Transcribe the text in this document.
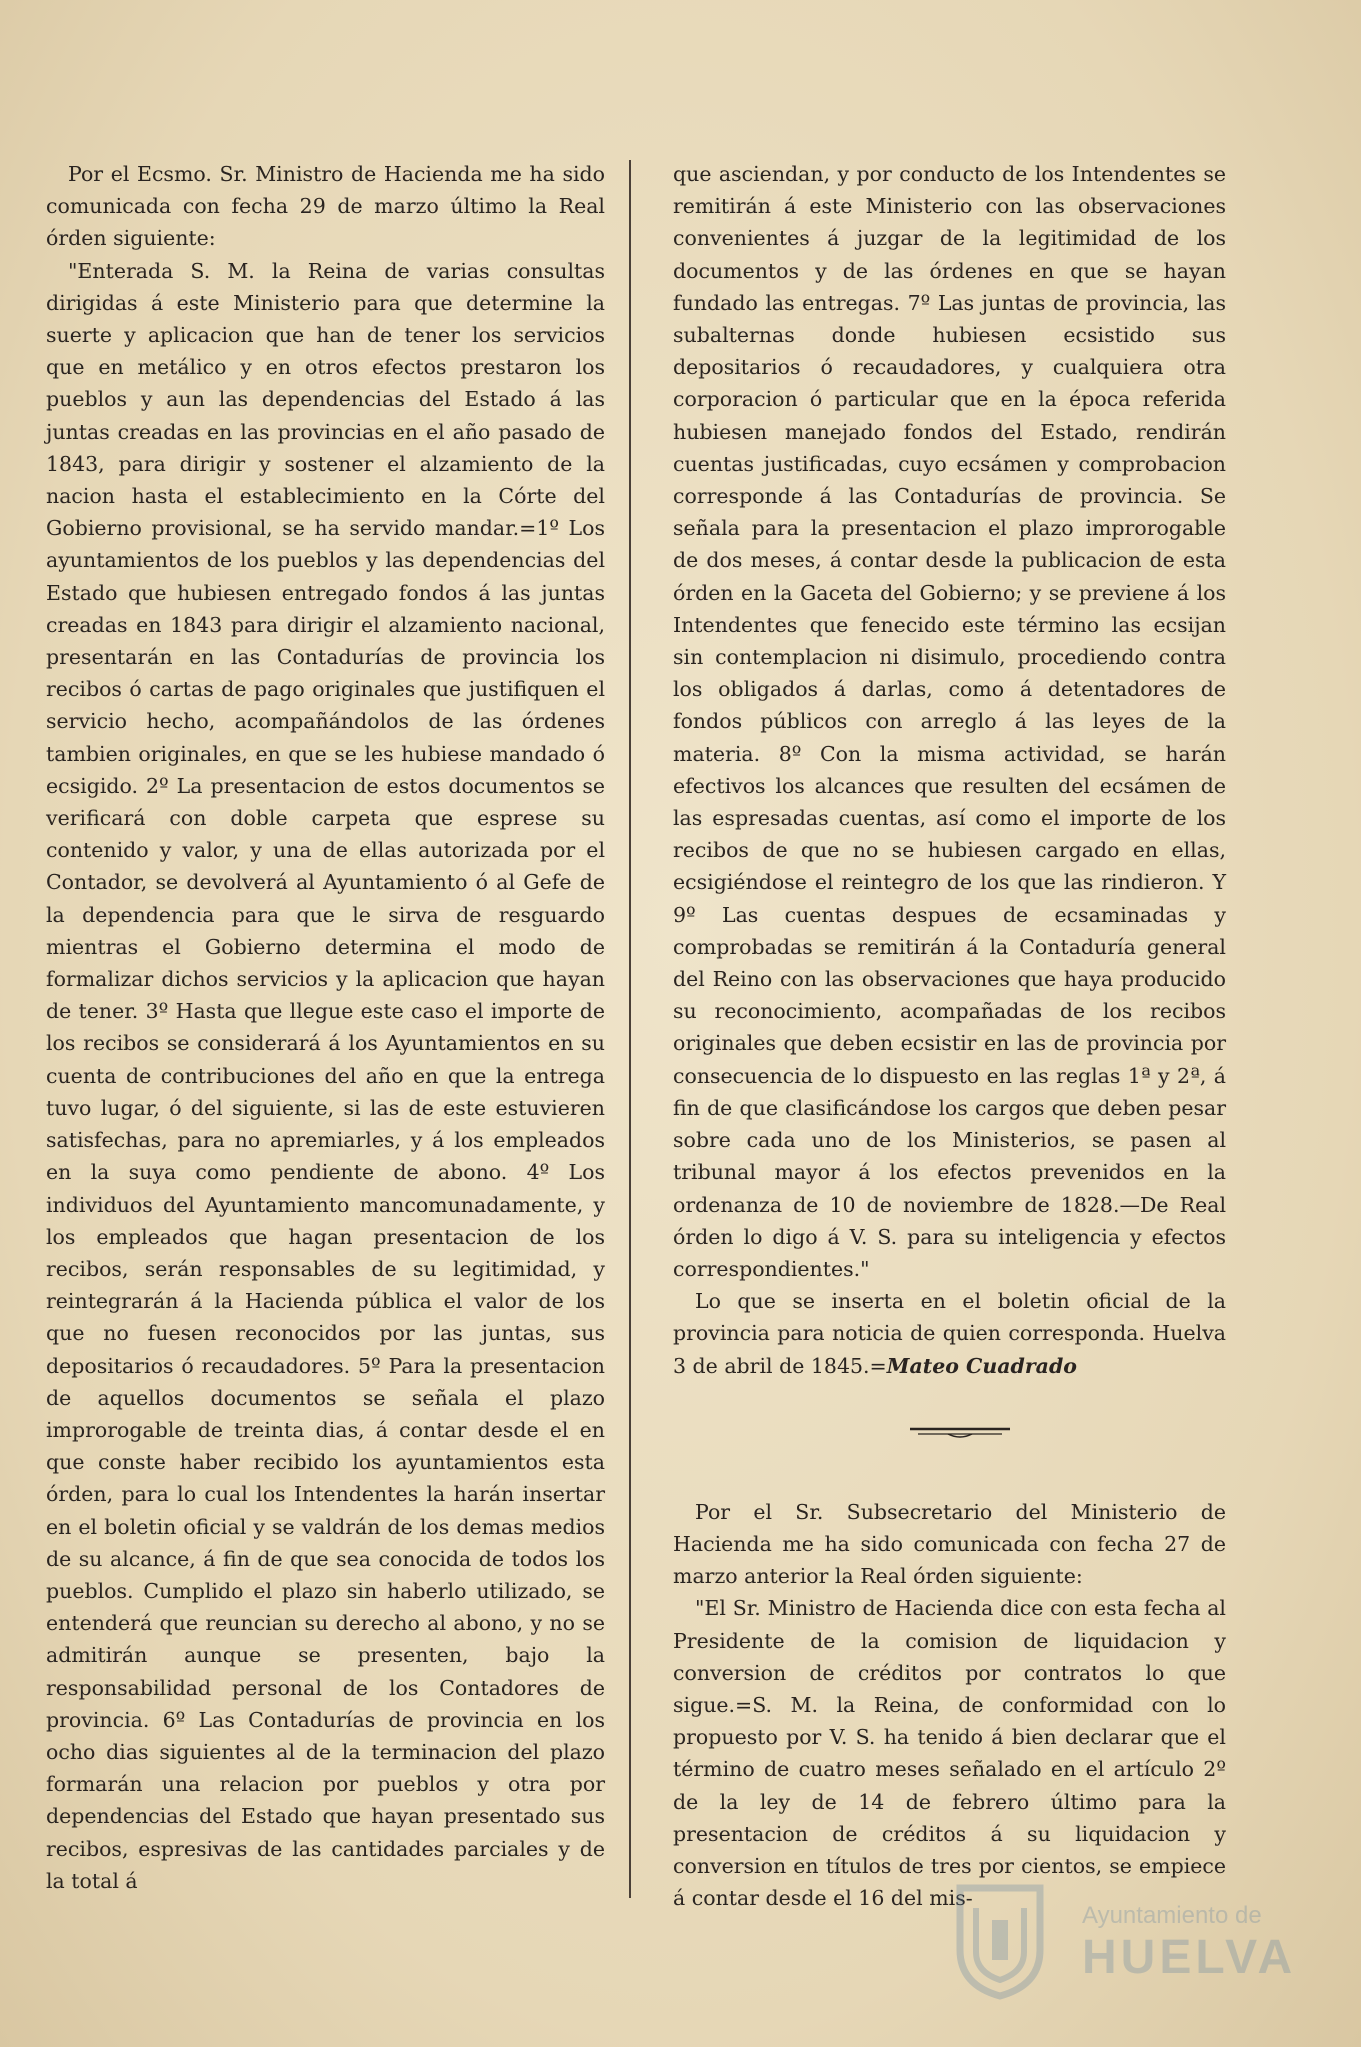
Por el Ecsmo. Sr. Ministro de Hacienda me ha sido comunicada con fecha 29 de marzo último la Real órden siguiente:

"Enterada S. M. la Reina de varias consultas dirigidas á este Ministerio para que determine la suerte y aplicacion que han de tener los servicios que en metálico y en otros efectos prestaron los pueblos y aun las dependencias del Estado á las juntas creadas en las provincias en el año pasado de 1843, para dirigir y sostener el alzamiento de la nacion hasta el establecimiento en la Córte del Gobierno provisional, se ha servido mandar.=1º Los ayuntamientos de los pueblos y las dependencias del Estado que hubiesen entregado fondos á las juntas creadas en 1843 para dirigir el alzamiento nacional, presentarán en las Contadurías de provincia los recibos ó cartas de pago originales que justifiquen el servicio hecho, acompañándolos de las órdenes tambien originales, en que se les hubiese mandado ó ecsigido. 2º La presentacion de estos documentos se verificará con doble carpeta que esprese su contenido y valor, y una de ellas autorizada por el Contador, se devolverá al Ayuntamiento ó al Gefe de la dependencia para que le sirva de resguardo mientras el Gobierno determina el modo de formalizar dichos servicios y la aplicacion que hayan de tener. 3º Hasta que llegue este caso el importe de los recibos se considerará á los Ayuntamientos en su cuenta de contribuciones del año en que la entrega tuvo lugar, ó del siguiente, si las de este estuvieren satisfechas, para no apremiarles, y á los empleados en la suya como pendiente de abono. 4º Los individuos del Ayuntamiento mancomunadamente, y los empleados que hagan presentacion de los recibos, serán responsables de su legitimidad, y reintegrarán á la Hacienda pública el valor de los que no fuesen reconocidos por las juntas, sus depositarios ó recaudadores. 5º Para la presentacion de aquellos documentos se señala el plazo improrogable de treinta dias, á contar desde el en que conste haber recibido los ayuntamientos esta órden, para lo cual los Intendentes la harán insertar en el boletin oficial y se valdrán de los demas medios de su alcance, á fin de que sea conocida de todos los pueblos. Cumplido el plazo sin haberlo utilizado, se entenderá que reuncian su derecho al abono, y no se admitirán aunque se presenten, bajo la responsabilidad personal de los Contadores de provincia. 6º Las Contadurías de provincia en los ocho dias siguientes al de la terminacion del plazo formarán una relacion por pueblos y otra por dependencias del Estado que hayan presentado sus recibos, espresivas de las cantidades parciales y de la total á

que asciendan, y por conducto de los Intendentes se remitirán á este Ministerio con las observaciones convenientes á juzgar de la legitimidad de los documentos y de las órdenes en que se hayan fundado las entregas. 7º Las juntas de provincia, las subalternas donde hubiesen ecsistido sus depositarios ó recaudadores, y cualquiera otra corporacion ó particular que en la época referida hubiesen manejado fondos del Estado, rendirán cuentas justificadas, cuyo ecsámen y comprobacion corresponde á las Contadurías de provincia. Se señala para la presentacion el plazo improrogable de dos meses, á contar desde la publicacion de esta órden en la Gaceta del Gobierno; y se previene á los Intendentes que fenecido este término las ecsijan sin contemplacion ni disimulo, procediendo contra los obligados á darlas, como á detentadores de fondos públicos con arreglo á las leyes de la materia. 8º Con la misma actividad, se harán efectivos los alcances que resulten del ecsámen de las espresadas cuentas, así como el importe de los recibos de que no se hubiesen cargado en ellas, ecsigiéndose el reintegro de los que las rindieron. Y 9º Las cuentas despues de ecsaminadas y comprobadas se remitirán á la Contaduría general del Reino con las observaciones que haya producido su reconocimiento, acompañadas de los recibos originales que deben ecsistir en las de provincia por consecuencia de lo dispuesto en las reglas 1ª y 2ª, á fin de que clasificándose los cargos que deben pesar sobre cada uno de los Ministerios, se pasen al tribunal mayor á los efectos prevenidos en la ordenanza de 10 de noviembre de 1828.—De Real órden lo digo á V. S. para su inteligencia y efectos correspondientes."

Lo que se inserta en el boletin oficial de la provincia para noticia de quien corresponda. Huelva 3 de abril de 1845.=Mateo Cuadrado

Por el Sr. Subsecretario del Ministerio de Hacienda me ha sido comunicada con fecha 27 de marzo anterior la Real órden siguiente:

"El Sr. Ministro de Hacienda dice con esta fecha al Presidente de la comision de liquidacion y conversion de créditos por contratos lo que sigue.=S. M. la Reina, de conformidad con lo propuesto por V. S. ha tenido á bien declarar que el término de cuatro meses señalado en el artículo 2º de la ley de 14 de febrero último para la presentacion de créditos á su liquidacion y conversion en títulos de tres por cientos, se empiece á contar desde el 16 del mis-

Ayuntamiento de
HUELVA
